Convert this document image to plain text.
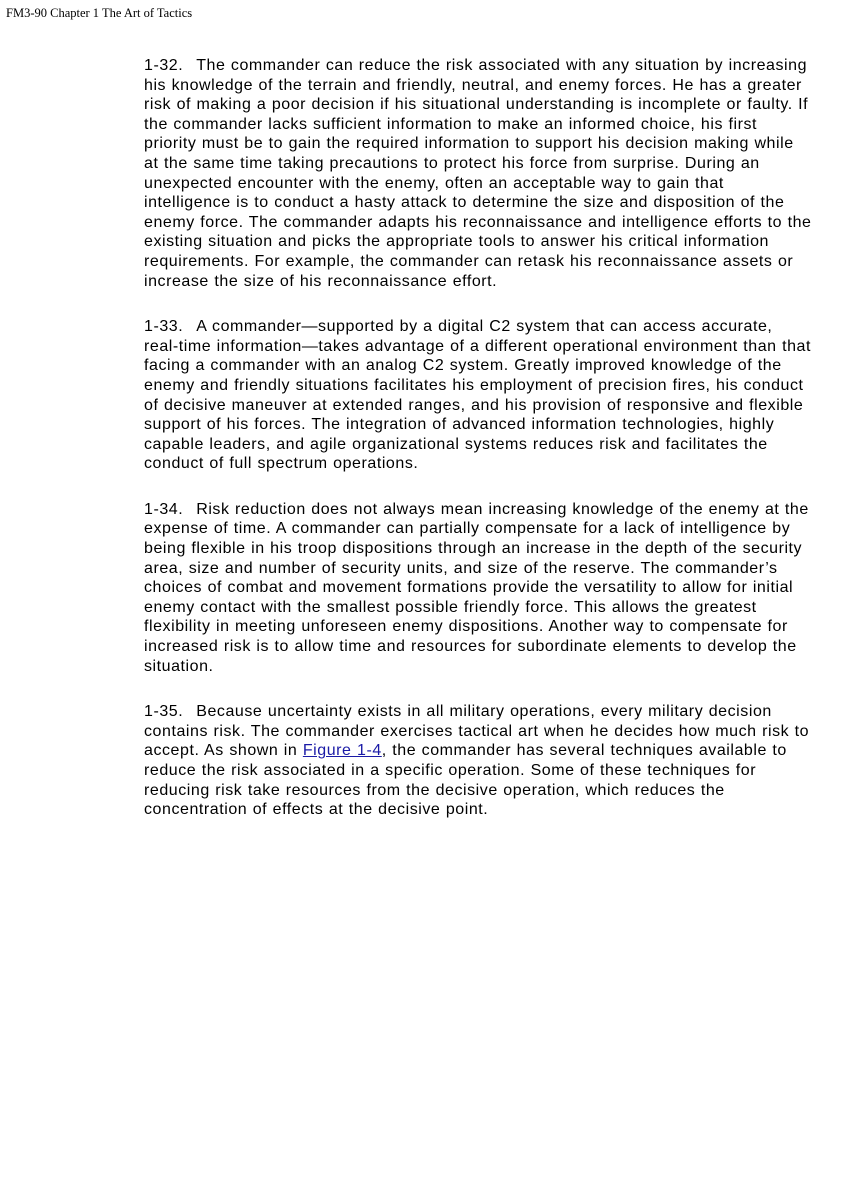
FM3-90 Chapter 1 The Art of Tactics

1-32. The commander can reduce the risk associated with any situation by increasing his knowledge of the terrain and friendly, neutral, and enemy forces. He has a greater risk of making a poor decision if his situational understanding is incomplete or faulty. If the commander lacks sufficient information to make an informed choice, his first priority must be to gain the required information to support his decision making while at the same time taking precautions to protect his force from surprise. During an unexpected encounter with the enemy, often an acceptable way to gain that intelligence is to conduct a hasty attack to determine the size and disposition of the enemy force. The commander adapts his reconnaissance and intelligence efforts to the existing situation and picks the appropriate tools to answer his critical information requirements. For example, the commander can retask his reconnaissance assets or increase the size of his reconnaissance effort.

1-33. A commander—supported by a digital C2 system that can access accurate, real-time information—takes advantage of a different operational environment than that facing a commander with an analog C2 system. Greatly improved knowledge of the enemy and friendly situations facilitates his employment of precision fires, his conduct of decisive maneuver at extended ranges, and his provision of responsive and flexible support of his forces. The integration of advanced information technologies, highly capable leaders, and agile organizational systems reduces risk and facilitates the conduct of full spectrum operations.

1-34. Risk reduction does not always mean increasing knowledge of the enemy at the expense of time. A commander can partially compensate for a lack of intelligence by being flexible in his troop dispositions through an increase in the depth of the security area, size and number of security units, and size of the reserve. The commander’s choices of combat and movement formations provide the versatility to allow for initial enemy contact with the smallest possible friendly force. This allows the greatest flexibility in meeting unforeseen enemy dispositions. Another way to compensate for increased risk is to allow time and resources for subordinate elements to develop the situation.

1-35. Because uncertainty exists in all military operations, every military decision contains risk. The commander exercises tactical art when he decides how much risk to accept. As shown in Figure 1-4, the commander has several techniques available to reduce the risk associated in a specific operation. Some of these techniques for reducing risk take resources from the decisive operation, which reduces the concentration of effects at the decisive point.
